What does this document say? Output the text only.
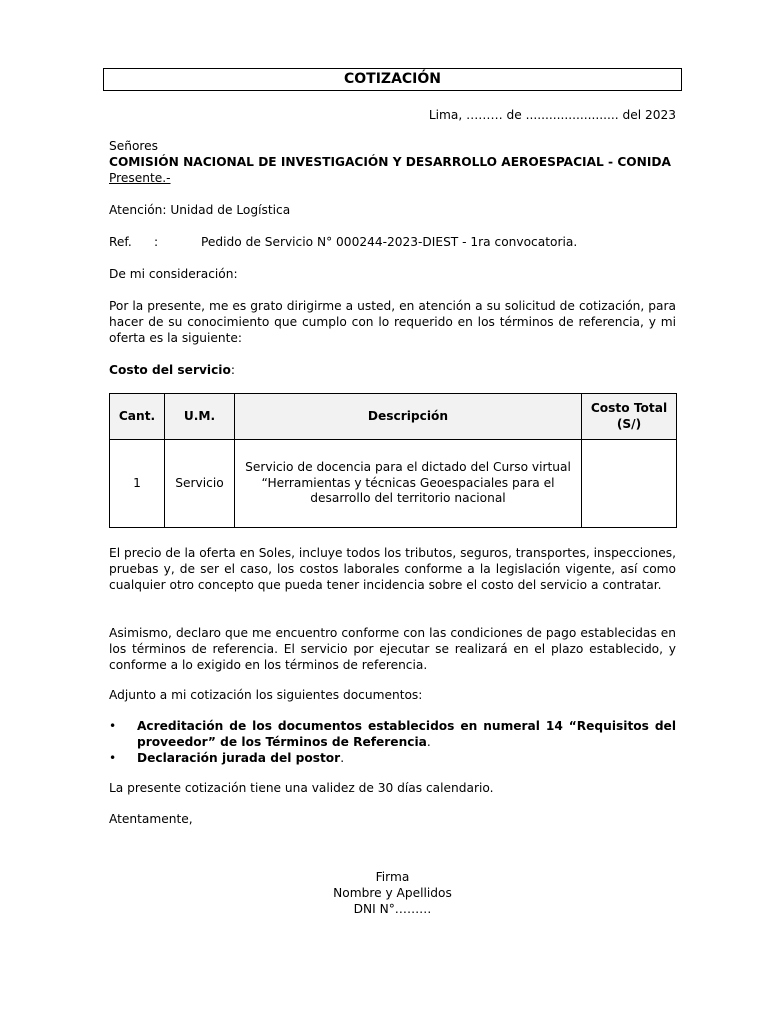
COTIZACIÓN
Lima, ……… de ........................ del 2023
Señores
COMISIÓN NACIONAL DE INVESTIGACIÓN Y DESARROLLO AEROESPACIAL - CONIDA
Presente.-
Atención: Unidad de Logística
Ref. :	Pedido de Servicio N° 000244-2023-DIEST - 1ra convocatoria.
De mi consideración:
Por la presente, me es grato dirigirme a usted, en atención a su solicitud de cotización, para hacer de su conocimiento que cumplo con lo requerido en los términos de referencia, y mi oferta es la siguiente:
Costo del servicio:
Cant.	U.M.	Descripción	Costo Total (S/)
1	Servicio	Servicio de docencia para el dictado del Curso virtual “Herramientas y técnicas Geoespaciales para el desarrollo del territorio nacional	
El precio de la oferta en Soles, incluye todos los tributos, seguros, transportes, inspecciones, pruebas y, de ser el caso, los costos laborales conforme a la legislación vigente, así como cualquier otro concepto que pueda tener incidencia sobre el costo del servicio a contratar.
Asimismo, declaro que me encuentro conforme con las condiciones de pago establecidas en los términos de referencia. El servicio por ejecutar se realizará en el plazo establecido, y conforme a lo exigido en los términos de referencia.
Adjunto a mi cotización los siguientes documentos:
• Acreditación de los documentos establecidos en numeral 14 “Requisitos del proveedor” de los Términos de Referencia.
• Declaración jurada del postor.
La presente cotización tiene una validez de 30 días calendario.
Atentamente,
Firma
Nombre y Apellidos
DNI N°………
